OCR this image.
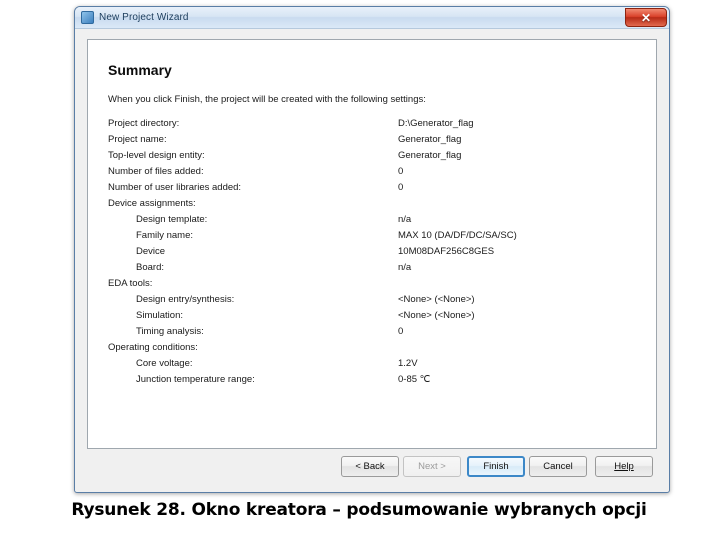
New Project Wizard	✕
Summary
When you click Finish, the project will be created with the following settings:
Project directory:	D:\Generator_flag
Project name:	Generator_flag
Top-level design entity:	Generator_flag
Number of files added:	0
Number of user libraries added:	0
Device assignments:
Design template:	n/a
Family name:	MAX 10 (DA/DF/DC/SA/SC)
Device	10M08DAF256C8GES
Board:	n/a
EDA tools:
Design entry/synthesis:	<None> (<None>)
Simulation:	<None> (<None>)
Timing analysis:	0
Operating conditions:
Core voltage:	1.2V
Junction temperature range:	0-85 ℃
< Back	Next >	Finish	Cancel	Help
Rysunek 28. Okno kreatora – podsumowanie wybranych opcji
